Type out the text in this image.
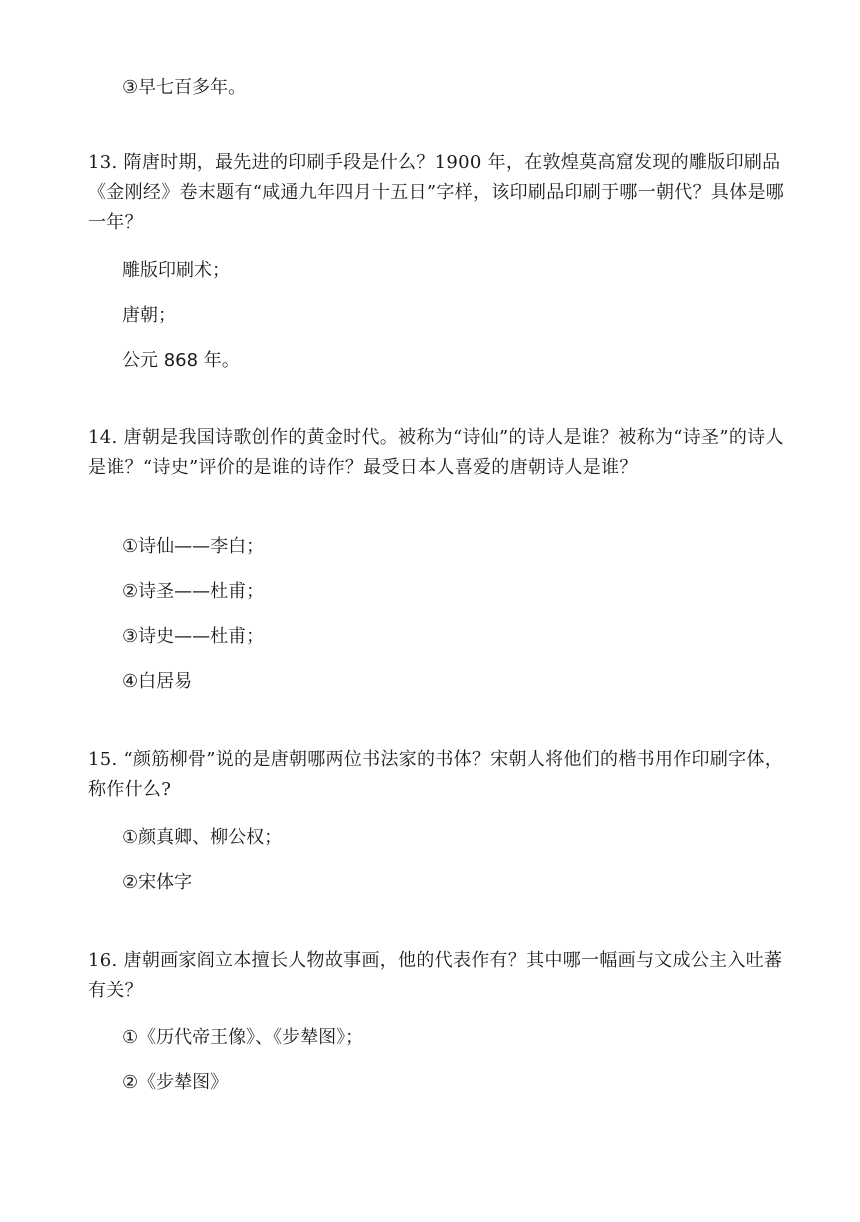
③早七百多年。

13. 隋唐时期，最先进的印刷手段是什么？1900 年，在敦煌莫高窟发现的雕版印刷品《金刚经》卷末题有“咸通九年四月十五日”字样，该印刷品印刷于哪一朝代？具体是哪一年？

雕版印刷术；

唐朝；

公元 868 年。

14. 唐朝是我国诗歌创作的黄金时代。被称为“诗仙”的诗人是谁？被称为“诗圣”的诗人是谁？“诗史”评价的是谁的诗作？最受日本人喜爱的唐朝诗人是谁？

①诗仙——李白；

②诗圣——杜甫；

③诗史——杜甫；

④白居易

15. “颜筋柳骨”说的是唐朝哪两位书法家的书体？宋朝人将他们的楷书用作印刷字体，称作什么?

①颜真卿、柳公权；

②宋体字

16. 唐朝画家阎立本擅长人物故事画，他的代表作有？其中哪一幅画与文成公主入吐蕃有关？

①《历代帝王像》、《步辇图》；

②《步辇图》
